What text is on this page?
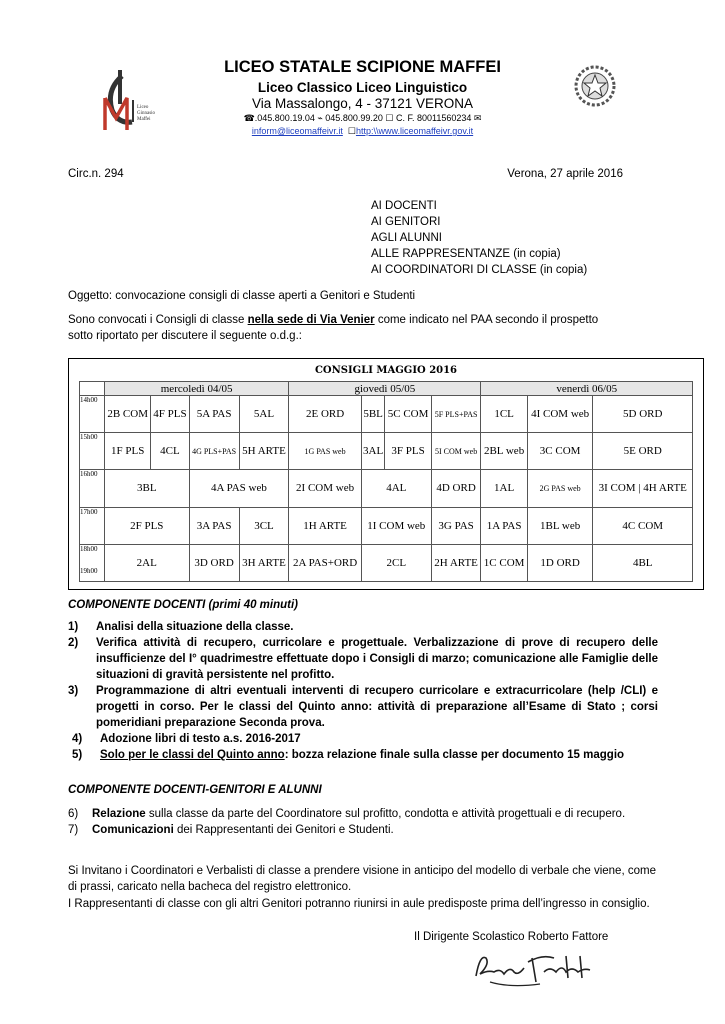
Liceo
Ginnasio
Maffei
LICEO STATALE SCIPIONE MAFFEI
Liceo Classico Liceo Linguistico
Via Massalongo, 4 - 37121 VERONA
☎.045.800.19.04 ⌁ 045.800.99.20 ☐ C. F. 80011560234 ✉
inform@liceomaffeivr.it ☐http:\\www.liceomaffeivr.gov.it
Circ.n. 294	Verona, 27 aprile 2016
AI DOCENTI
AI GENITORI
AGLI ALUNNI
ALLE RAPPRESENTANZE (in copia)
AI COORDINATORI DI CLASSE (in copia)
Oggetto: convocazione consigli di classe aperti a Genitori e Studenti
Sono convocati i Consigli di classe nella sede di Via Venier come indicato nel PAA secondo il prospetto
sotto riportato per discutere il seguente o.d.g.:
CONSIGLI MAGGIO 2016
	mercoledì 04/05				giovedì 05/05				venerdì 06/05		
14h00	2B COM	4F PLS	5A PAS	5AL	2E ORD	5BL	5C COM	5F PLS+PAS	1CL	4I COM web	5D ORD
15h00	1F PLS	4CL	4G PLS+PAS	5H ARTE	1G PAS web	3AL	3F PLS	5I COM web	2BL web	3C COM	5E ORD
16h00	3BL		4A PAS web		2I COM web	4AL		4D ORD	1AL	2G PAS web	3I COM | 4H ARTE
17h00	2F PLS		3A PAS	3CL	1H ARTE	1I COM web		3G PAS	1A PAS	1BL web	4C COM

18h00
19h00	2AL		3D ORD	3H ARTE	2A PAS+ORD	2CL		2H ARTE	1C COM	1D ORD	4BL
COMPONENTE DOCENTI (primi 40 minuti)
1)	Analisi della situazione della classe.
2)	Verifica attività di recupero, curricolare e progettuale. Verbalizzazione di prove di recupero delle insufficienze del I° quadrimestre effettuate dopo i Consigli di marzo; comunicazione alle Famiglie delle situazioni di gravità persistente nel profitto.
3)	Programmazione di altri eventuali interventi di recupero curricolare e extracurricolare (help /CLI) e progetti in corso. Per le classi del Quinto anno: attività di preparazione all’Esame di Stato ; corsi pomeridiani preparazione Seconda prova.
4)	Adozione libri di testo a.s. 2016-2017
5)	Solo per le classi del Quinto anno: bozza relazione finale sulla classe per documento 15 maggio
COMPONENTE DOCENTI-GENITORI E ALUNNI
6)	Relazione sulla classe da parte del Coordinatore sul profitto, condotta e attività progettuali e di recupero.
7)	Comunicazioni dei Rappresentanti dei Genitori e Studenti.
Si Invitano i Coordinatori e Verbalisti di classe a prendere visione in anticipo del modello di verbale che viene, come di prassi, caricato nella bacheca del registro elettronico.
I Rappresentanti di classe con gli altri Genitori potranno riunirsi in aule predisposte prima dell’ingresso in consiglio.
Il Dirigente Scolastico Roberto Fattore
